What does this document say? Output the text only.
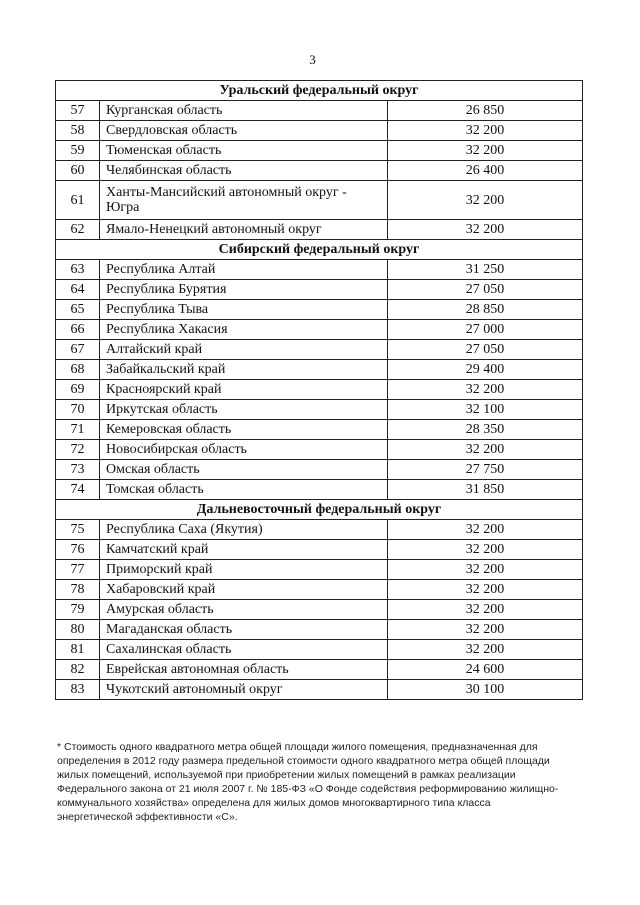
3
Уральский федеральный округ		
57	Курганская область	26 850
58	Свердловская область	32 200
59	Тюменская область	32 200
60	Челябинская область	26 400
61	Ханты-Мансийский автономный округ - Югра	32 200
62	Ямало-Ненецкий автономный округ	32 200
Сибирский федеральный округ		
63	Республика Алтай	31 250
64	Республика Бурятия	27 050
65	Республика Тыва	28 850
66	Республика Хакасия	27 000
67	Алтайский край	27 050
68	Забайкальский край	29 400
69	Красноярский край	32 200
70	Иркутская область	32 100
71	Кемеровская область	28 350
72	Новосибирская область	32 200
73	Омская область	27 750
74	Томская область	31 850
Дальневосточный федеральный округ		
75	Республика Саха (Якутия)	32 200
76	Камчатский край	32 200
77	Приморский край	32 200
78	Хабаровский край	32 200
79	Амурская область	32 200
80	Магаданская область	32 200
81	Сахалинская область	32 200
82	Еврейская автономная область	24 600
83	Чукотский автономный округ	30 100
* Стоимость одного квадратного метра общей площади жилого помещения, предназначенная для определения в 2012 году размера предельной стоимости одного квадратного метра общей площади жилых помещений, используемой при приобретении жилых помещений в рамках реализации Федерального закона от 21 июля 2007 г. № 185-ФЗ «О Фонде содействия реформированию жилищно-коммунального хозяйства» определена для жилых домов многоквартирного типа класса энергетической эффективности «С».
